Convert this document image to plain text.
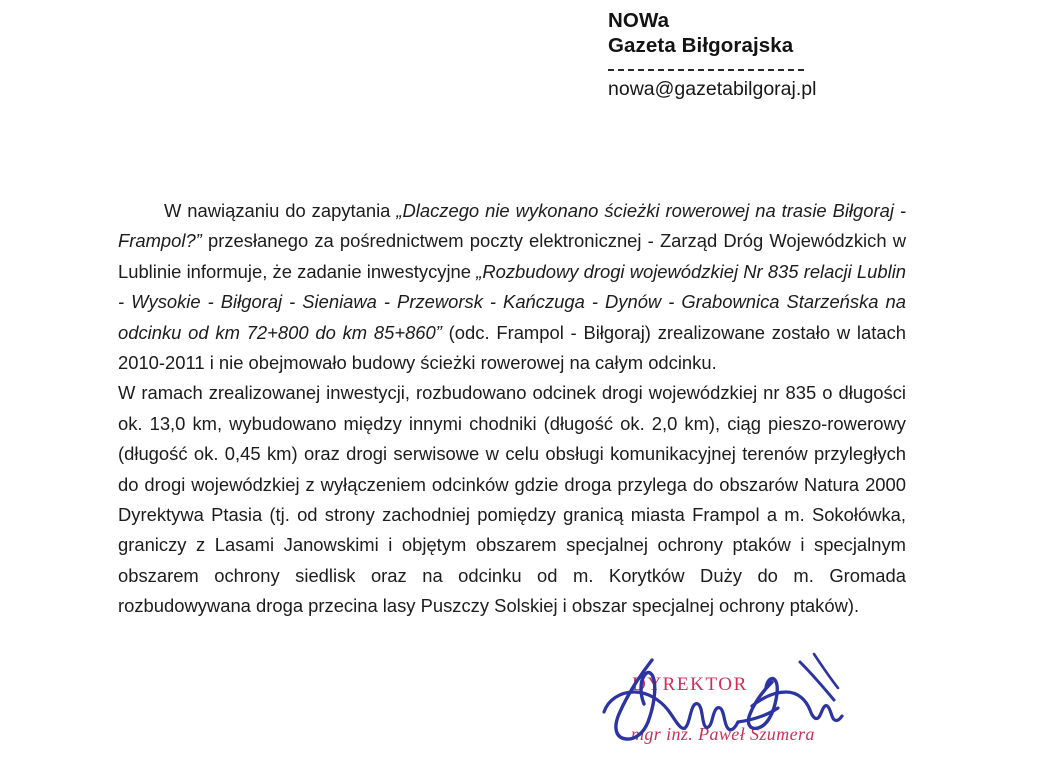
NOWa
Gazeta Biłgorajska
nowa@gazetabilgoraj.pl

W nawiązaniu do zapytania „Dlaczego nie wykonano ścieżki rowerowej na trasie Biłgoraj - Frampol?” przesłanego za pośrednictwem poczty elektronicznej - Zarząd Dróg Wojewódzkich w Lublinie informuje, że zadanie inwestycyjne „Rozbudowy drogi wojewódzkiej Nr 835 relacji Lublin - Wysokie - Biłgoraj - Sieniawa - Przeworsk - Kańczuga - Dynów - Grabownica Starzeńska na odcinku od km 72+800 do km 85+860” (odc. Frampol - Biłgoraj) zrealizowane zostało w latach 2010-2011 i nie obejmowało budowy ścieżki rowerowej na całym odcinku.

W ramach zrealizowanej inwestycji, rozbudowano odcinek drogi wojewódzkiej nr 835 o długości ok. 13,0 km, wybudowano między innymi chodniki (długość ok. 2,0 km), ciąg pieszo-rowerowy (długość ok. 0,45 km) oraz drogi serwisowe w celu obsługi komunikacyjnej terenów przyległych do drogi wojewódzkiej z wyłączeniem odcinków gdzie droga przylega do obszarów Natura 2000 Dyrektywa Ptasia (tj. od strony zachodniej pomiędzy granicą miasta Frampol a m. Sokołówka, graniczy z Lasami Janowskimi i objętym obszarem specjalnej ochrony ptaków i specjalnym obszarem ochrony siedlisk oraz na odcinku od m. Korytków Duży do m. Gromada rozbudowywana droga przecina lasy Puszczy Solskiej i obszar specjalnej ochrony ptaków).

DYREKTOR
mgr inż. Paweł Szumera
